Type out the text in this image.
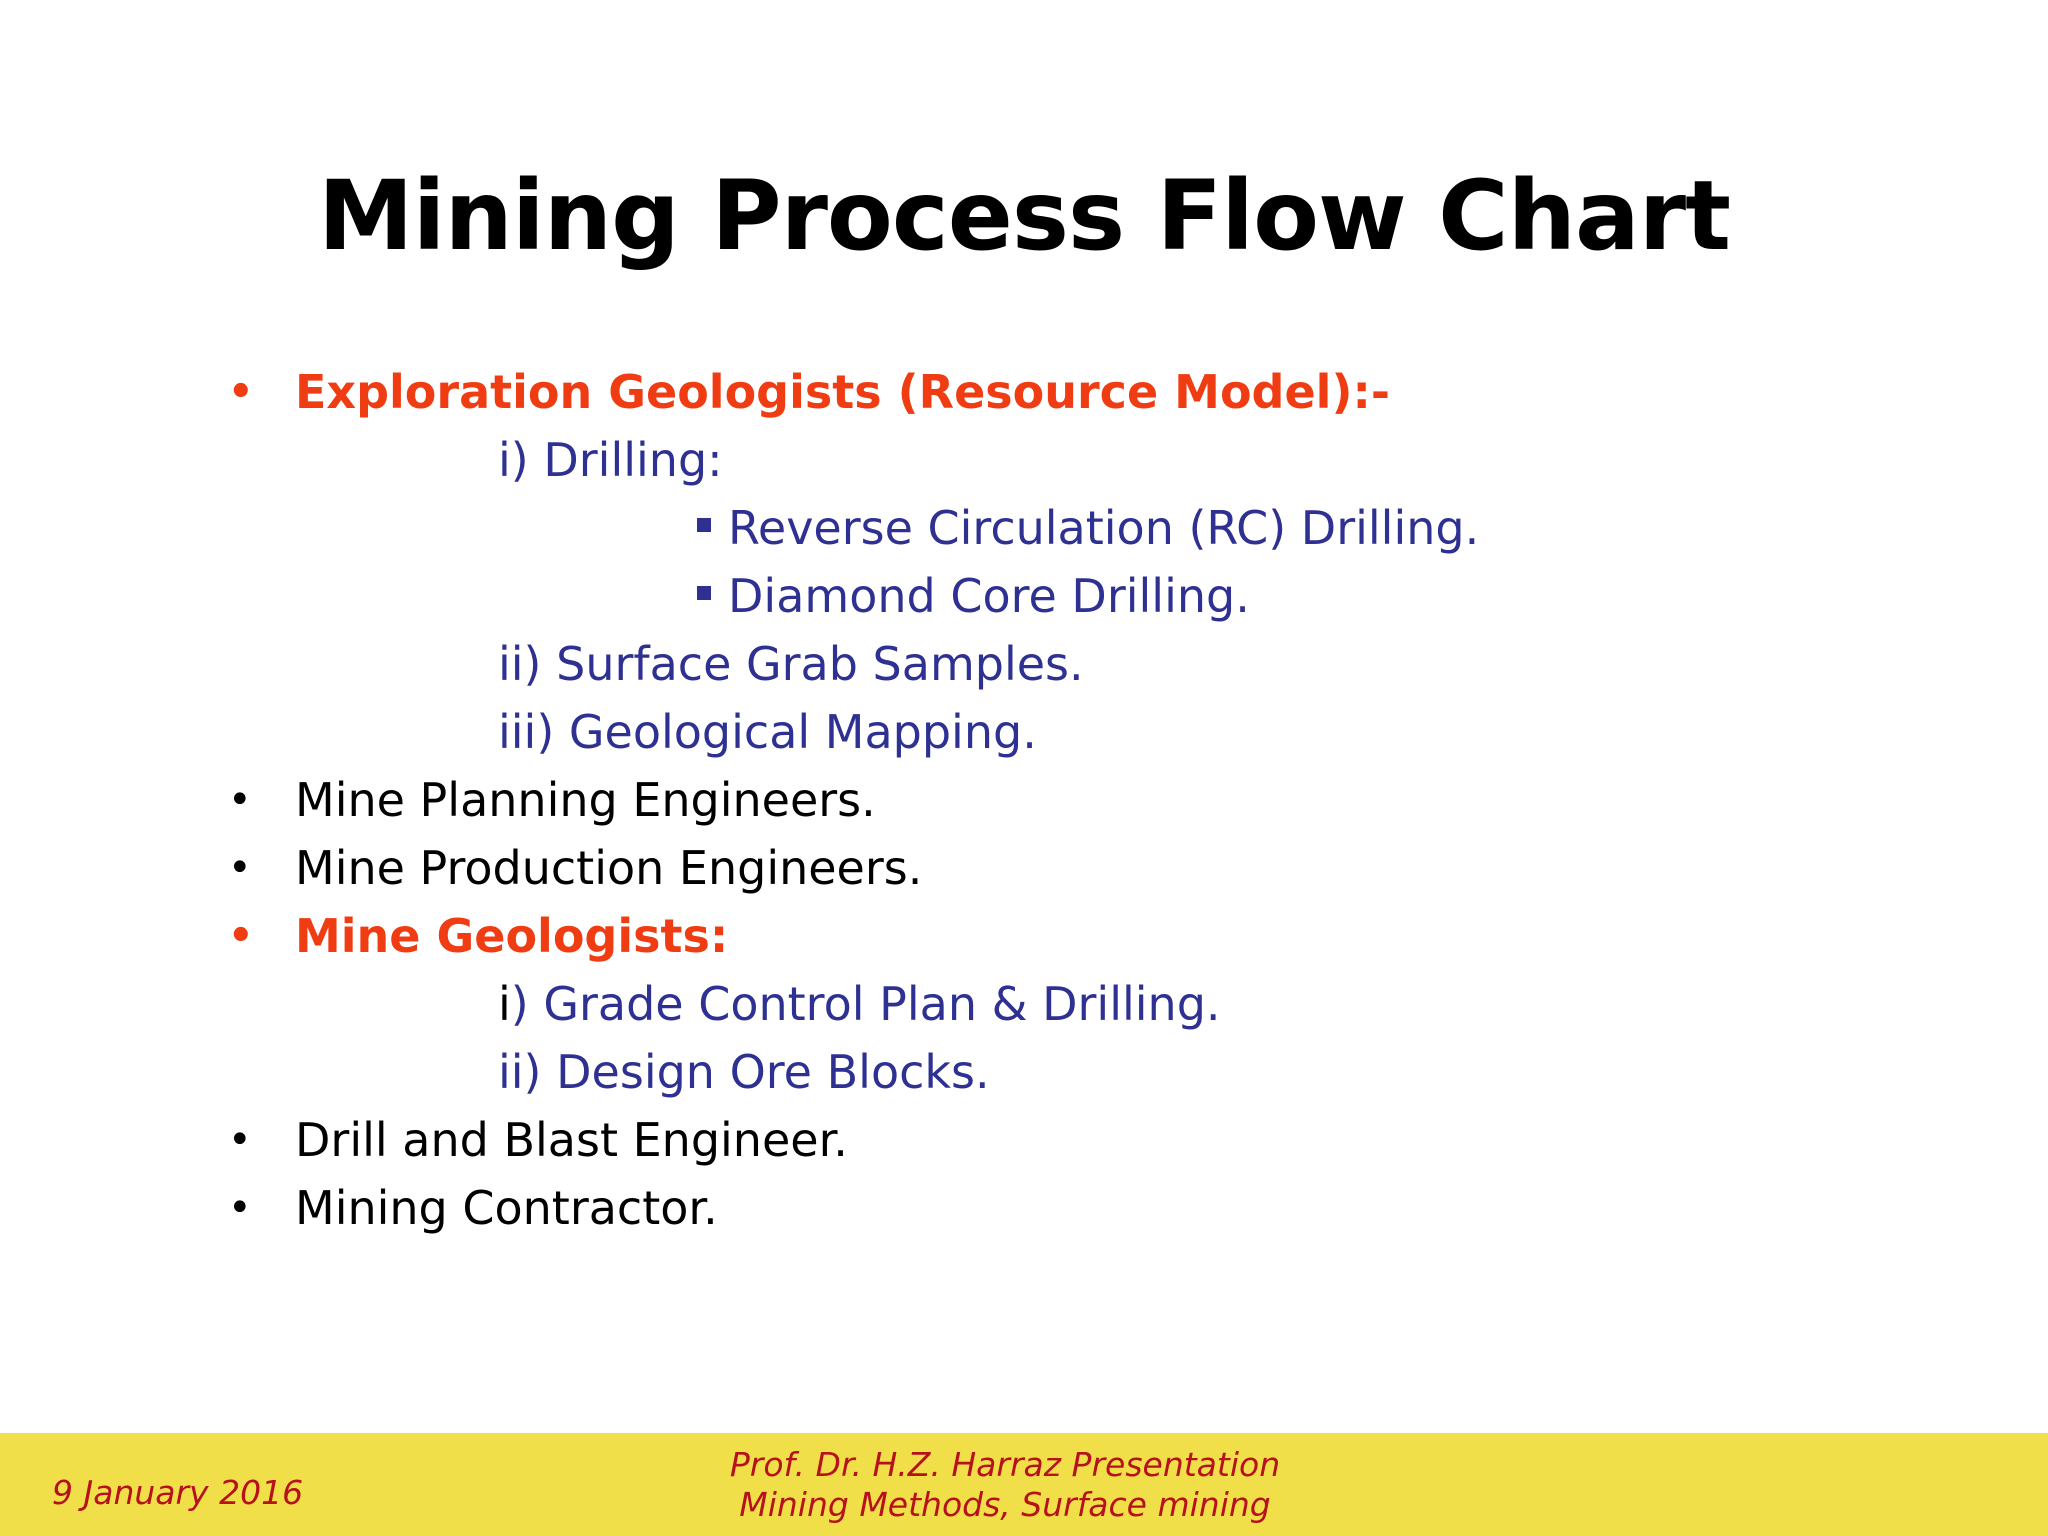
Mining Process Flow Chart
• Exploration Geologists (Resource Model):-
i) Drilling:
Reverse Circulation (RC) Drilling.
Diamond Core Drilling.
ii) Surface Grab Samples.
iii) Geological Mapping.
• Mine Planning Engineers.
• Mine Production Engineers.
• Mine Geologists:
i) Grade Control Plan & Drilling.
ii) Design Ore Blocks.
• Drill and Blast Engineer.
• Mining Contractor.
9 January 2016
Prof. Dr. H.Z. Harraz Presentation
Mining Methods, Surface mining
